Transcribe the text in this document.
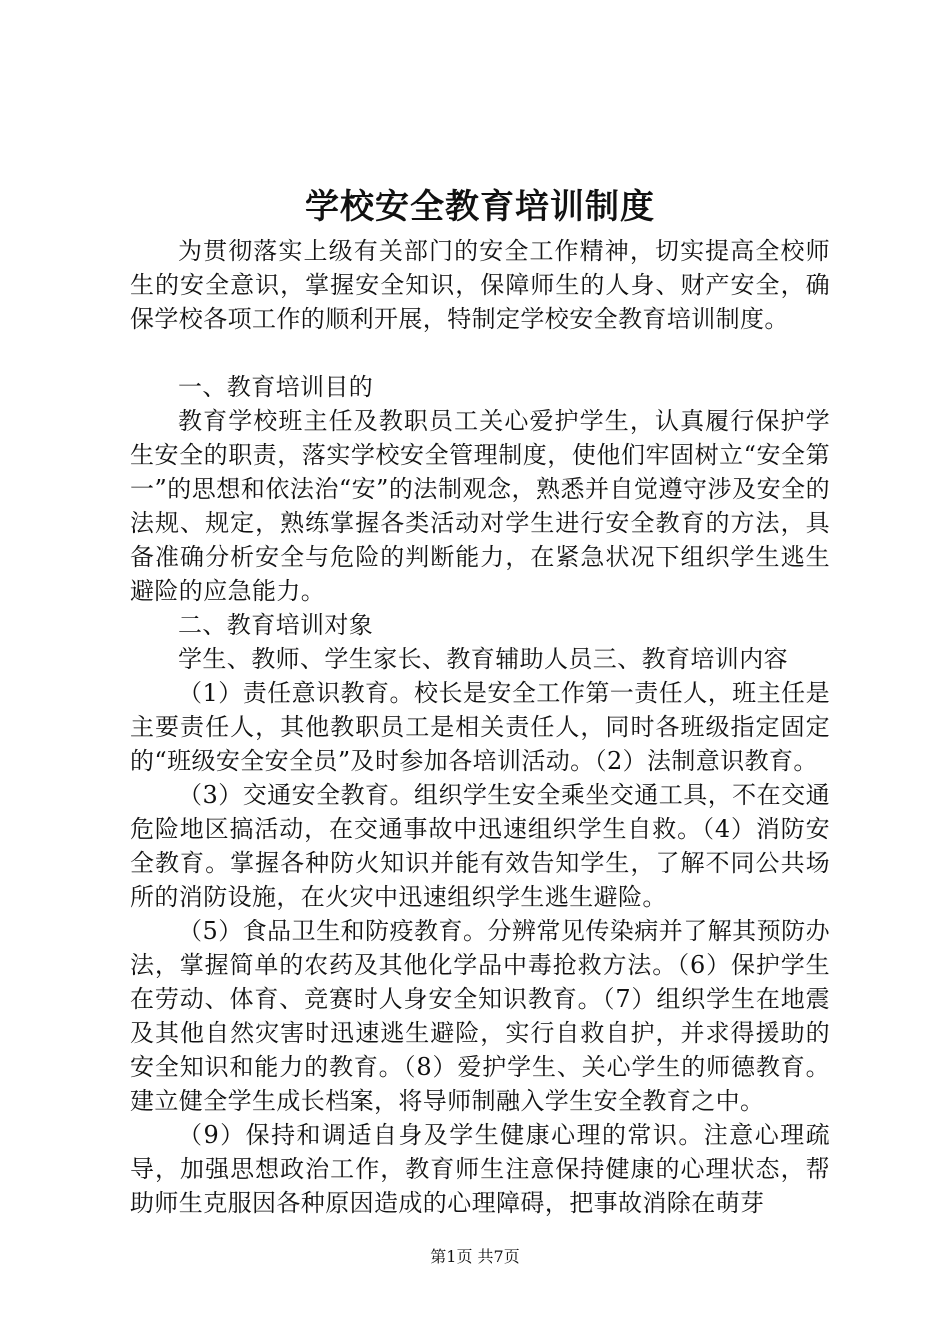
学校安全教育培训制度

为贯彻落实上级有关部门的安全工作精神，切实提高全校师生的安全意识，掌握安全知识，保障师生的人身、财产安全，确保学校各项工作的顺利开展，特制定学校安全教育培训制度。

一、教育培训目的

教育学校班主任及教职员工关心爱护学生，认真履行保护学生安全的职责，落实学校安全管理制度，使他们牢固树立“安全第一”的思想和依法治“安”的法制观念，熟悉并自觉遵守涉及安全的法规、规定，熟练掌握各类活动对学生进行安全教育的方法，具备准确分析安全与危险的判断能力，在紧急状况下组织学生逃生避险的应急能力。

二、教育培训对象

学生、教师、学生家长、教育辅助人员三、教育培训内容

（1）责任意识教育。校长是安全工作第一责任人，班主任是主要责任人，其他教职员工是相关责任人，同时各班级指定固定的“班级安全安全员”及时参加各培训活动。（2）法制意识教育。

（3）交通安全教育。组织学生安全乘坐交通工具，不在交通危险地区搞活动，在交通事故中迅速组织学生自救。（4）消防安全教育。掌握各种防火知识并能有效告知学生，了解不同公共场所的消防设施，在火灾中迅速组织学生逃生避险。

（5）食品卫生和防疫教育。分辨常见传染病并了解其预防办法，掌握简单的农药及其他化学品中毒抢救方法。（6）保护学生在劳动、体育、竞赛时人身安全知识教育。（7）组织学生在地震及其他自然灾害时迅速逃生避险，实行自救自护，并求得援助的安全知识和能力的教育。（8）爱护学生、关心学生的师德教育。建立健全学生成长档案，将导师制融入学生安全教育之中。

（9）保持和调适自身及学生健康心理的常识。注意心理疏导，加强思想政治工作，教育师生注意保持健康的心理状态，帮助师生克服因各种原因造成的心理障碍，把事故消除在萌芽

第1页 共7页
